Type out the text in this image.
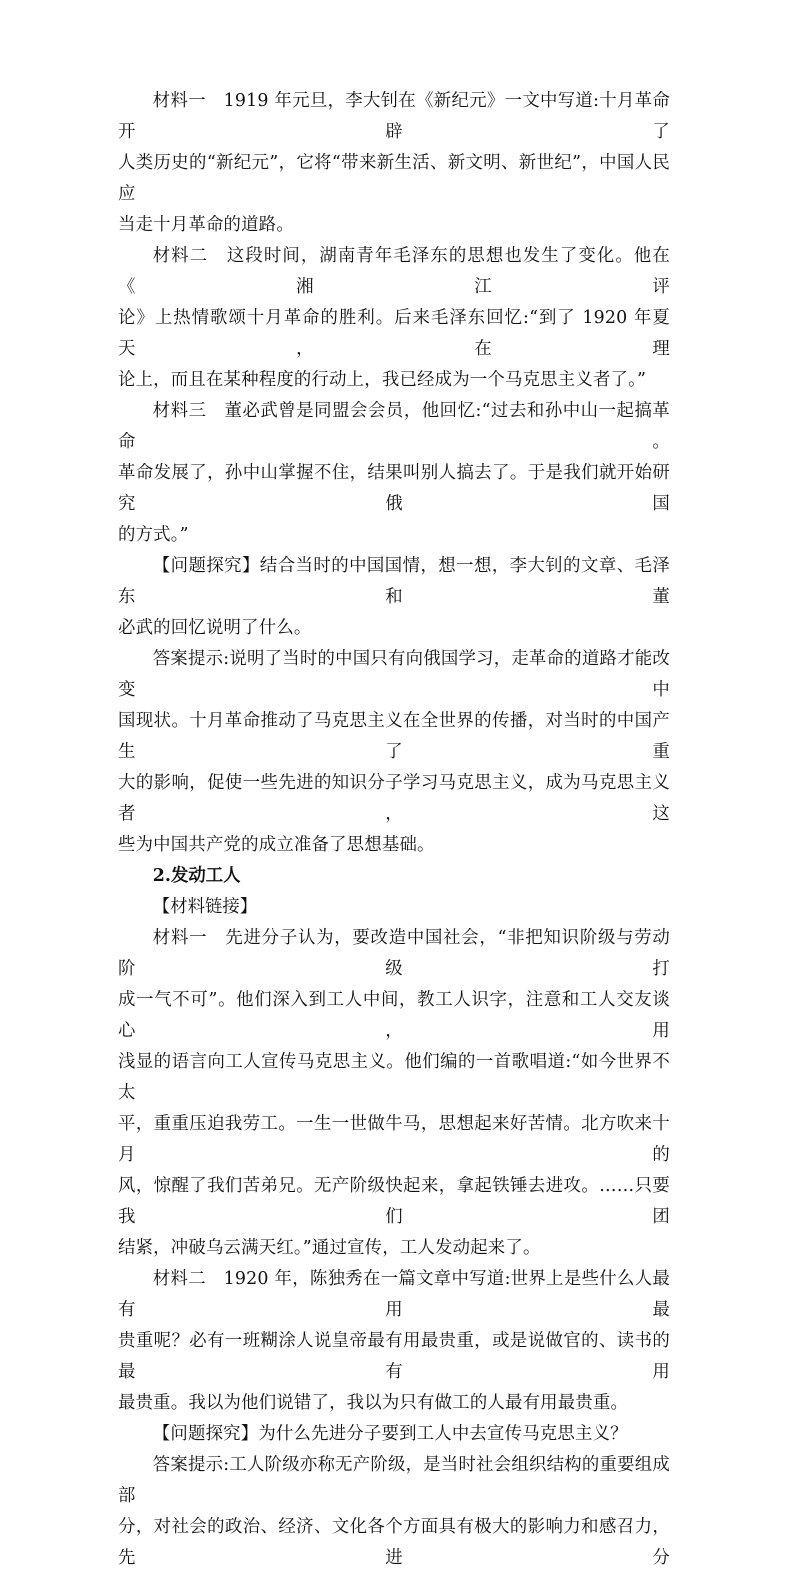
材料一　1919 年元旦，李大钊在《新纪元》一文中写道:十月革命开辟了
人类历史的“新纪元”，它将“带来新生活、新文明、新世纪”，中国人民应
当走十月革命的道路。

材料二　这段时间，湖南青年毛泽东的思想也发生了变化。他在《湘江评
论》上热情歌颂十月革命的胜利。后来毛泽东回忆:“到了 1920 年夏天，在理
论上，而且在某种程度的行动上，我已经成为一个马克思主义者了。”

材料三　董必武曾是同盟会会员，他回忆:“过去和孙中山一起搞革命。
革命发展了，孙中山掌握不住，结果叫别人搞去了。于是我们就开始研究俄国
的方式。”

【问题探究】结合当时的中国国情，想一想，李大钊的文章、毛泽东和董
必武的回忆说明了什么。

答案提示:说明了当时的中国只有向俄国学习，走革命的道路才能改变中
国现状。十月革命推动了马克思主义在全世界的传播，对当时的中国产生了重
大的影响，促使一些先进的知识分子学习马克思主义，成为马克思主义者，这
些为中国共产党的成立准备了思想基础。

2.发动工人

【材料链接】

材料一　先进分子认为，要改造中国社会，“非把知识阶级与劳动阶级打
成一气不可”。他们深入到工人中间，教工人识字，注意和工人交友谈心，用
浅显的语言向工人宣传马克思主义。他们编的一首歌唱道:“如今世界不太
平，重重压迫我劳工。一生一世做牛马，思想起来好苦情。北方吹来十月的
风，惊醒了我们苦弟兄。无产阶级快起来，拿起铁锤去进攻。……只要我们团
结紧，冲破乌云满天红。”通过宣传，工人发动起来了。

材料二　1920 年，陈独秀在一篇文章中写道:世界上是些什么人最有用最
贵重呢？必有一班糊涂人说皇帝最有用最贵重，或是说做官的、读书的最有用
最贵重。我以为他们说错了，我以为只有做工的人最有用最贵重。

【问题探究】为什么先进分子要到工人中去宣传马克思主义？

答案提示:工人阶级亦称无产阶级，是当时社会组织结构的重要组成部
分，对社会的政治、经济、文化各个方面具有极大的影响力和感召力，先进分
